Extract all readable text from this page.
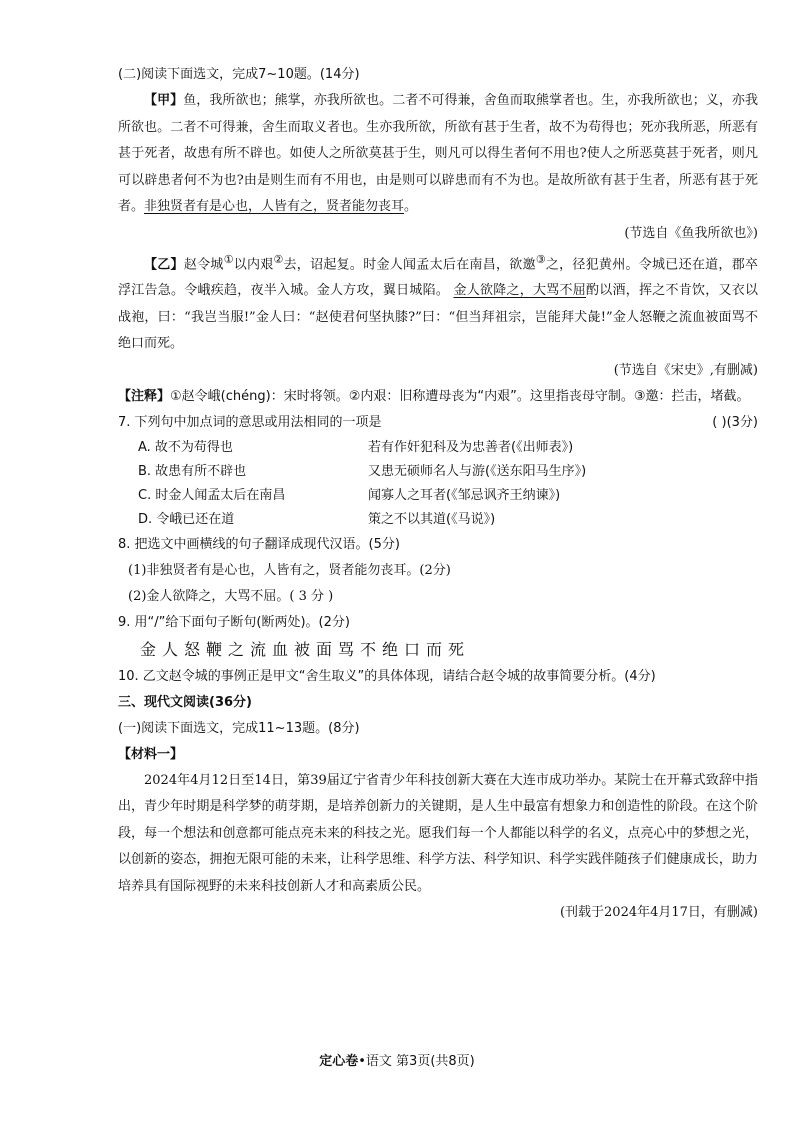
(二)阅读下面选文，完成7~10题。(14分)

【甲】鱼，我所欲也；熊掌，亦我所欲也。二者不可得兼，舍鱼而取熊掌者也。生，亦我所欲也；义，亦我所欲也。二者不可得兼，舍生而取义者也。生亦我所欲，所欲有甚于生者，故不为苟得也；死亦我所恶，所恶有甚于死者，故患有所不辟也。如使人之所欲莫甚于生，则凡可以得生者何不用也?使人之所恶莫甚于死者，则凡可以辟患者何不为也?由是则生而有不用也，由是则可以辟患而有不为也。是故所欲有甚于生者，所恶有甚于死者。非独贤者有是心也，人皆有之，贤者能勿丧耳。

(节选自《鱼我所欲也》)

【乙】赵令城①以内艰②去，诏起复。时金人闻孟太后在南昌，欲邀③之，径犯黄州。令城已还在道，郡卒浮江告急。令峨疾趋，夜半入城。金人方攻，翼日城陷。 金人欲降之，大骂不屈酌以酒，挥之不肯饮，又衣以战袍，曰：“我岂当服!”金人曰：“赵使君何坚执膝?”曰：“但当拜祖宗，岂能拜犬彘!”金人怒鞭之流血被面骂不绝口而死。

(节选自《宋史》,有删减)

【注释】①赵令峨(chéng)：宋时将领。②内艰：旧称遭母丧为“内艰”。这里指丧母守制。③邀：拦击，堵截。

7. 下列句中加点词的意思或用法相同的一项是	( )(3分)

A. 故不为苟得也	若有作奸犯科及为忠善者(《出师表》)
B. 故患有所不辟也	又患无硕师名人与游(《送东阳马生序》)
C. 时金人闻孟太后在南昌	闻寡人之耳者(《邹忌讽齐王纳谏》)
D. 令峨已还在道	策之不以其道(《马说》)

8. 把选文中画横线的句子翻译成现代汉语。(5分)

(1)非独贤者有是心也，人皆有之，贤者能勿丧耳。(2分)

(2)金人欲降之，大骂不屈。( 3 分 )

9. 用“/”给下面句子断句(断两处)。(2分)

金人怒鞭之流血被面骂不绝口而死

10. 乙文赵令城的事例正是甲文“舍生取义”的具体体现，请结合赵令城的故事简要分析。(4分)

三、现代文阅读(36分)

(一)阅读下面选文，完成11~13题。(8分)

【材料一】

2024年4月12日至14日，第39届辽宁省青少年科技创新大赛在大连市成功举办。某院士在开幕式致辞中指出，青少年时期是科学梦的萌芽期，是培养创新力的关键期，是人生中最富有想象力和创造性的阶段。在这个阶段，每一个想法和创意都可能点亮未来的科技之光。愿我们每一个人都能以科学的名义，点亮心中的梦想之光，以创新的姿态，拥抱无限可能的未来，让科学思维、科学方法、科学知识、科学实践伴随孩子们健康成长，助力培养具有国际视野的未来科技创新人才和高素质公民。

(刊载于2024年4月17日，有删减)

定心卷•语文 第3页(共8页)
